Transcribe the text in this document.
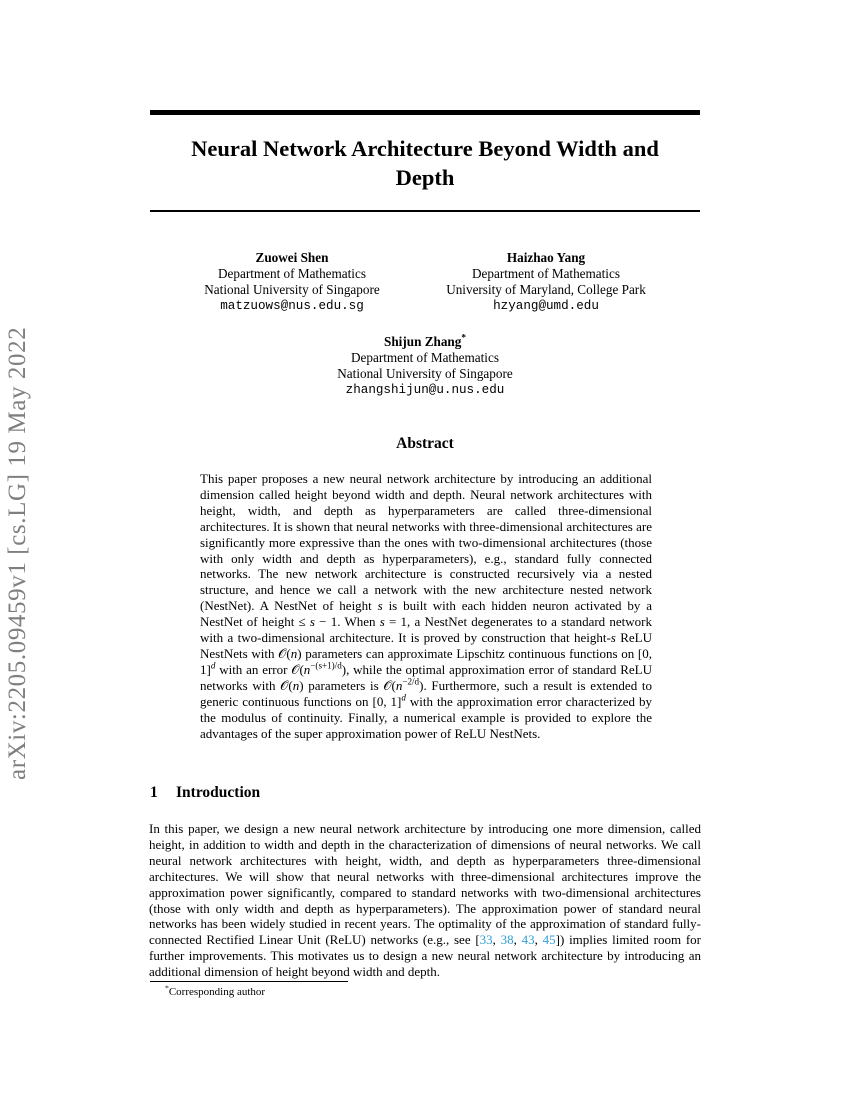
arXiv:2205.09459v1 [cs.LG] 19 May 2022
Neural Network Architecture Beyond Width and
Depth
Zuowei Shen
Department of Mathematics
National University of Singapore
matzuows@nus.edu.sg
Haizhao Yang
Department of Mathematics
University of Maryland, College Park
hzyang@umd.edu
Shijun Zhang*
Department of Mathematics
National University of Singapore
zhangshijun@u.nus.edu
Abstract
This paper proposes a new neural network architecture by introducing an additional dimension called height beyond width and depth. Neural network architectures with height, width, and depth as hyperparameters are called three-dimensional architectures. It is shown that neural networks with three-dimensional architectures are significantly more expressive than the ones with two-dimensional architectures (those with only width and depth as hyperparameters), e.g., standard fully connected networks. The new network architecture is constructed recursively via a nested structure, and hence we call a network with the new architecture nested network (NestNet). A NestNet of height s is built with each hidden neuron activated by a NestNet of height ≤ s − 1. When s = 1, a NestNet degenerates to a standard network with a two-dimensional architecture. It is proved by construction that height-s ReLU NestNets with 𝒪(n) parameters can approximate Lipschitz continuous functions on [0, 1]$^d$ with an error $𝒪(n^{-(s+1)/d})$, while the optimal approximation error of standard ReLU networks with 𝒪(n) parameters is $𝒪(n^{-2/d})$. Furthermore, such a result is extended to generic continuous functions on [0, 1]$^d$ with the approximation error characterized by the modulus of continuity. Finally, a numerical example is provided to explore the advantages of the super approximation power of ReLU NestNets.
1 Introduction
In this paper, we design a new neural network architecture by introducing one more dimension, called height, in addition to width and depth in the characterization of dimensions of neural networks. We call neural network architectures with height, width, and depth as hyperparameters three-dimensional architectures. We will show that neural networks with three-dimensional architectures improve the approximation power significantly, compared to standard networks with two-dimensional architectures (those with only width and depth as hyperparameters). The approximation power of standard neural networks has been widely studied in recent years. The optimality of the approximation of standard fully-connected Rectified Linear Unit (ReLU) networks (e.g., see [33, 38, 43, 45]) implies limited room for further improvements. This motivates us to design a new neural network architecture by introducing an additional dimension of height beyond width and depth.
*Corresponding author
